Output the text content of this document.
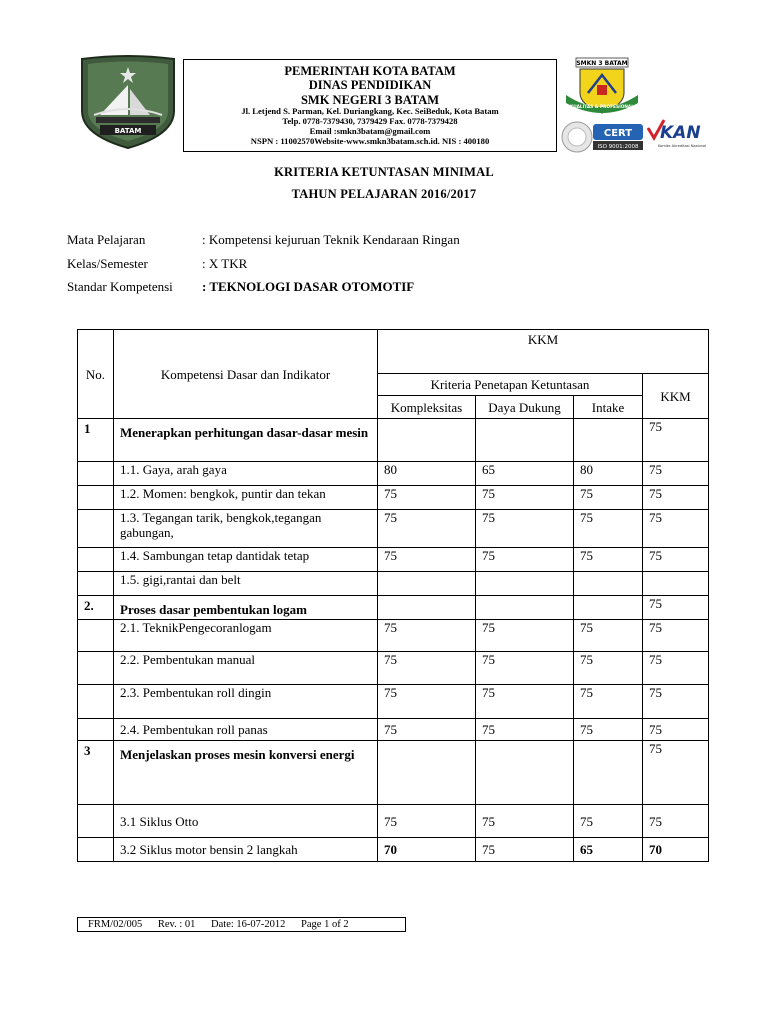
BATAM
PEMERINTAH KOTA BATAM
DINAS PENDIDIKAN
SMK NEGERI 3 BATAM
Jl. Letjend S. Parman, Kel. Duriangkang, Kec. SeiBeduk, Kota Batam
Telp. 0778-7379430, 7379429 Fax. 0778-7379428
Email :smkn3batam@gmail.com
NSPN : 11002570Website-www.smkn3batam.sch.id. NIS : 400180
SMKN 3 BATAM
KUALITAS & PROFESIONAL
CERT
ISO 9001:2008
KAN
Komite Akreditasi Nasional
KRITERIA KETUNTASAN MINIMAL
TAHUN PELAJARAN 2016/2017
Mata Pelajaran	: Kompetensi kejuruan Teknik Kendaraan Ringan
Kelas/Semester	: X TKR
Standar Kompetensi : TEKNOLOGI DASAR OTOMOTIF
No.	Kompetensi Dasar dan Indikator	KKM			
		Kriteria Penetapan Ketuntasan			KKM
		Kompleksitas	Daya Dukung	Intake	
1	Menerapkan perhitungan dasar-dasar mesin				75
	1.1. Gaya, arah gaya	80	65	80	75
	1.2. Momen: bengkok, puntir dan tekan	75	75	75	75
	1.3. Tegangan tarik, bengkok,tegangan gabungan,	75	75	75	75
	1.4. Sambungan tetap dantidak tetap	75	75	75	75
	1.5. gigi,rantai dan belt				
2.	Proses dasar pembentukan logam				75
	2.1. TeknikPengecoranlogam	75	75	75	75
	2.2. Pembentukan manual	75	75	75	75
	2.3. Pembentukan roll dingin	75	75	75	75
	2.4. Pembentukan roll panas	75	75	75	75
3	Menjelaskan proses mesin konversi energi				75
	3.1 Siklus Otto	75	75	75	75
	3.2 Siklus motor bensin 2 langkah	70	75	65	70
FRM/02/005 Rev. : 01 Date: 16-07-2012 Page 1 of 2
